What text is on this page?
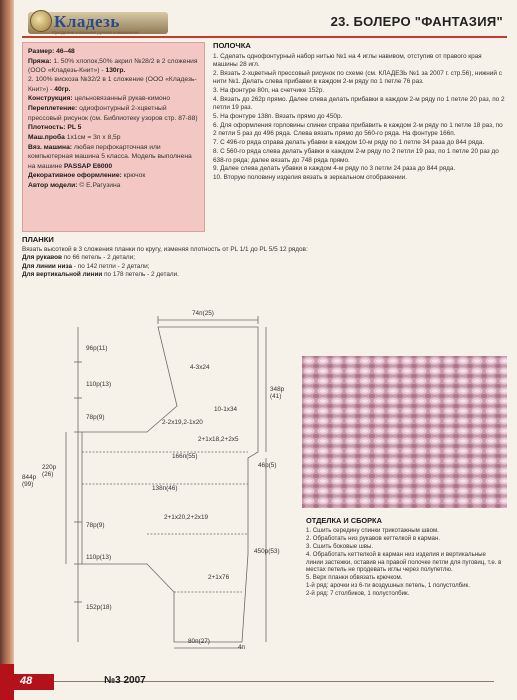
Кладезь
Рукоделие и вязание ручное и машинное
23. БОЛЕРО "ФАНТАЗИЯ"
Размер: 46–48
Пряжа: 1. 50% хлопок,50% акрил №28/2 в 2 сложения (ООО «Кладезь-Книт») - 130гр.
2. 100% вискоза №32/2 в 1 сложение (ООО «Кладезь-Книт») - 40гр.
Конструкция: цельновязанный рукав-кимоно
Переплетение: одиофонтурный 2-хцветный прессовый рисунок (см. Библиотеку узоров стр. 87-88)
Плотность: PL 5
Маш.проба 1х1см = 3п х 8,5р
Вяз. машина: любая перфокарточная или компьютерная машина 5 класса. Модель выполнена на машине PASSAP E6000
Декоративное оформление: крючок
Автор модели: © Е.Рагузина
ПОЛОЧКА
1. Сделать однофонтурный набор нитью №1 на 4 иглы навивом, отступив от правого края машины 28 игл.
2. Вязать 2-хцветный прессовый рисунок по схеме (см. КЛАДЕЗЬ №1 за 2007 г. стр.56), нижний с нити №1. Делать слева прибавки в каждом 2-м ряду по 1 петле 76 раз.
3. На фонтуре 80п, на счетчике 152р.
4. Вязать до 262р прямо. Далее слева делать прибавки в каждом 2-м ряду по 1 петле 20 раз, по 2 петли 19 раз.
5. На фонтуре 138п. Вязать прямо до 450р.
6. Для оформления горловины спинки справа прибавить в каждом 2-м ряду по 1 петле 18 раз, по 2 петли 5 раз до 496 ряда. Слева вязать прямо до 560-го ряда. На фонтуре 166п.
7. С 496-го ряда справа делать убавки в каждом 10-м ряду по 1 петле 34 раза до 844 ряда.
8. С 560-го ряда слева делать убавки в каждом 2-м ряду по 2 петли 19 раз, по 1 петле 20 раз до 638-го ряда; далее вязать до 748 ряда прямо.
9. Далее слева делать убавки в каждом 4-м ряду по 3 петли 24 раза до 844 ряда.
10. Вторую половину изделия вязать в зеркальном отображении.
ПЛАНКИ
Вязать высоткой в 3 сложения планки по кругу, изменяя плотность от PL 1/1 до PL 5/5 12 рядов:
Для рукавов по 66 петель - 2 детали;
Для линии низа - по 142 петли - 2 детали;
Для вертикальной линии по 178 петель - 2 детали.
74п(25)
96р(11)
110р(13)
78р(9)
220р (26)
844р (99)
78р(9)
110р(13)
152р(18)
4-3х24
10-1х34
2-2х19,2-1х20
2+1х18,2+2х5
166п(55)
138п(46)
2+1х20,2+2х19
2+1х76
348р (41)
46р(5)
450р(53)
80п(27)
4п
ОТДЕЛКА И СБОРКА
1. Сшить середину спинки трикотажным швом.
2. Обработать низ рукавов кеттелкой в карман.
3. Сшить боковые швы.
4. Обработать кеттелкой в карман низ изделия и вертикальные линии застежки, оставив на правой полочке петли для пуговиц, т.е. в местах петель не продевать иглы через полупетлю.
5. Верх планки обвязать крючком.
1-й ряд: арочки из 6-ти воздушных петель, 1 полустолбик.
2-й ряд: 7 столбиков, 1 полустолбик.
48	№3 2007
